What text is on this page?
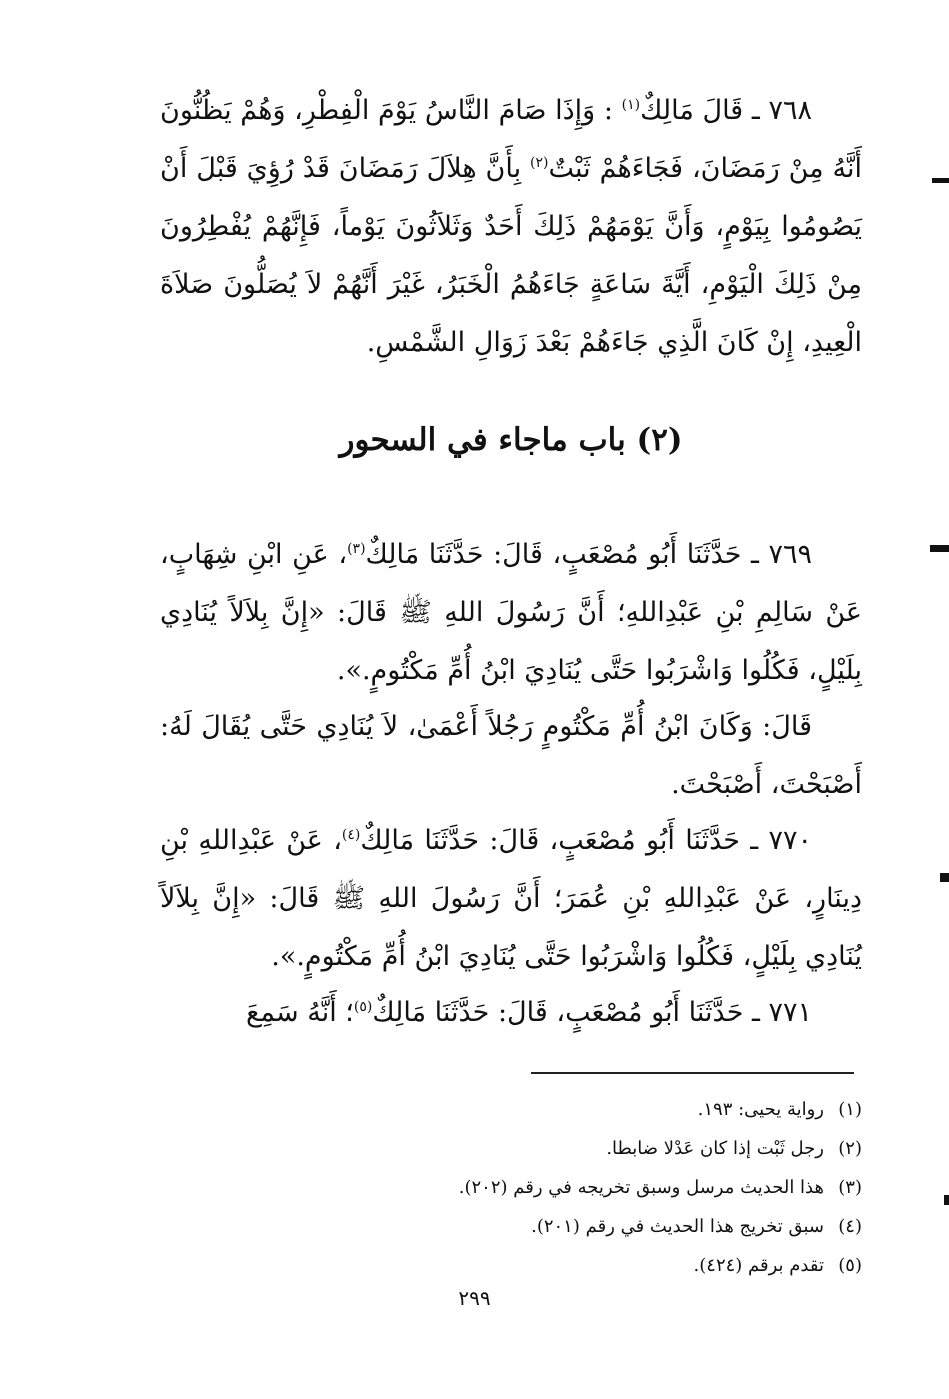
٧٦٨ ـ قَالَ مَالِكٌ$^{(١)}$ : وَإِذَا صَامَ النَّاسُ يَوْمَ الْفِطْرِ، وَهُمْ يَظُنُّونَ أَنَّهُ مِنْ رَمَضَانَ، فَجَاءَهُمْ ثَبْتٌ$^{(٢)}$ بِأَنَّ هِلاَلَ رَمَضَانَ قَدْ رُؤِيَ قَبْلَ أَنْ يَصُومُوا بِيَوْمٍ، وَأَنَّ يَوْمَهُمْ ذَلِكَ أَحَدٌ وَثَلاَثُونَ يَوْماً، فَإِنَّهُمْ يُفْطِرُونَ مِنْ ذَلِكَ الْيَوْمِ، أَيَّةَ سَاعَةٍ جَاءَهُمُ الْخَبَرُ، غَيْرَ أَنَّهُمْ لاَ يُصَلُّونَ صَلاَةَ الْعِيدِ، إِنْ كَانَ الَّذِي جَاءَهُمْ بَعْدَ زَوَالِ الشَّمْسِ.

(٢) باب ماجاء في السحور

٧٦٩ ـ حَدَّثَنَا أَبُو مُصْعَبٍ، قَالَ: حَدَّثَنَا مَالِكٌ$^{(٣)}$، عَنِ ابْنِ شِهَابٍ، عَنْ سَالِمِ بْنِ عَبْدِاللهِ؛ أَنَّ رَسُولَ اللهِ ﷺ قَالَ: «إِنَّ بِلاَلاً يُنَادِي بِلَيْلٍ، فَكُلُوا وَاشْرَبُوا حَتَّى يُنَادِيَ ابْنُ أُمِّ مَكْتُومٍ.».

قَالَ: وَكَانَ ابْنُ أُمِّ مَكْتُومٍ رَجُلاً أَعْمَىٰ، لاَ يُنَادِي حَتَّى يُقَالَ لَهُ: أَصْبَحْتَ، أَصْبَحْتَ.

٧٧٠ ـ حَدَّثَنَا أَبُو مُصْعَبٍ، قَالَ: حَدَّثَنَا مَالِكٌ$^{(٤)}$، عَنْ عَبْدِاللهِ بْنِ دِينَارٍ، عَنْ عَبْدِاللهِ بْنِ عُمَرَ؛ أَنَّ رَسُولَ اللهِ ﷺ قَالَ: «إِنَّ بِلاَلاً يُنَادِي بِلَيْلٍ، فَكُلُوا وَاشْرَبُوا حَتَّى يُنَادِيَ ابْنُ أُمِّ مَكْتُومٍ.».

٧٧١ ـ حَدَّثَنَا أَبُو مُصْعَبٍ، قَالَ: حَدَّثَنَا مَالِكٌ$^{(٥)}$؛ أَنَّهُ سَمِعَ

(١)
رواية يحيى: ١٩٣.
(٢)
رجل ثَبْت إذا كان عَدْلا ضابطا.
(٣)
هذا الحديث مرسل وسبق تخريجه في رقم (٢٠٢).
(٤)
سبق تخريج هذا الحديث في رقم (٢٠١).
(٥)
تقدم برقم (٤٢٤).
٢٩٩
